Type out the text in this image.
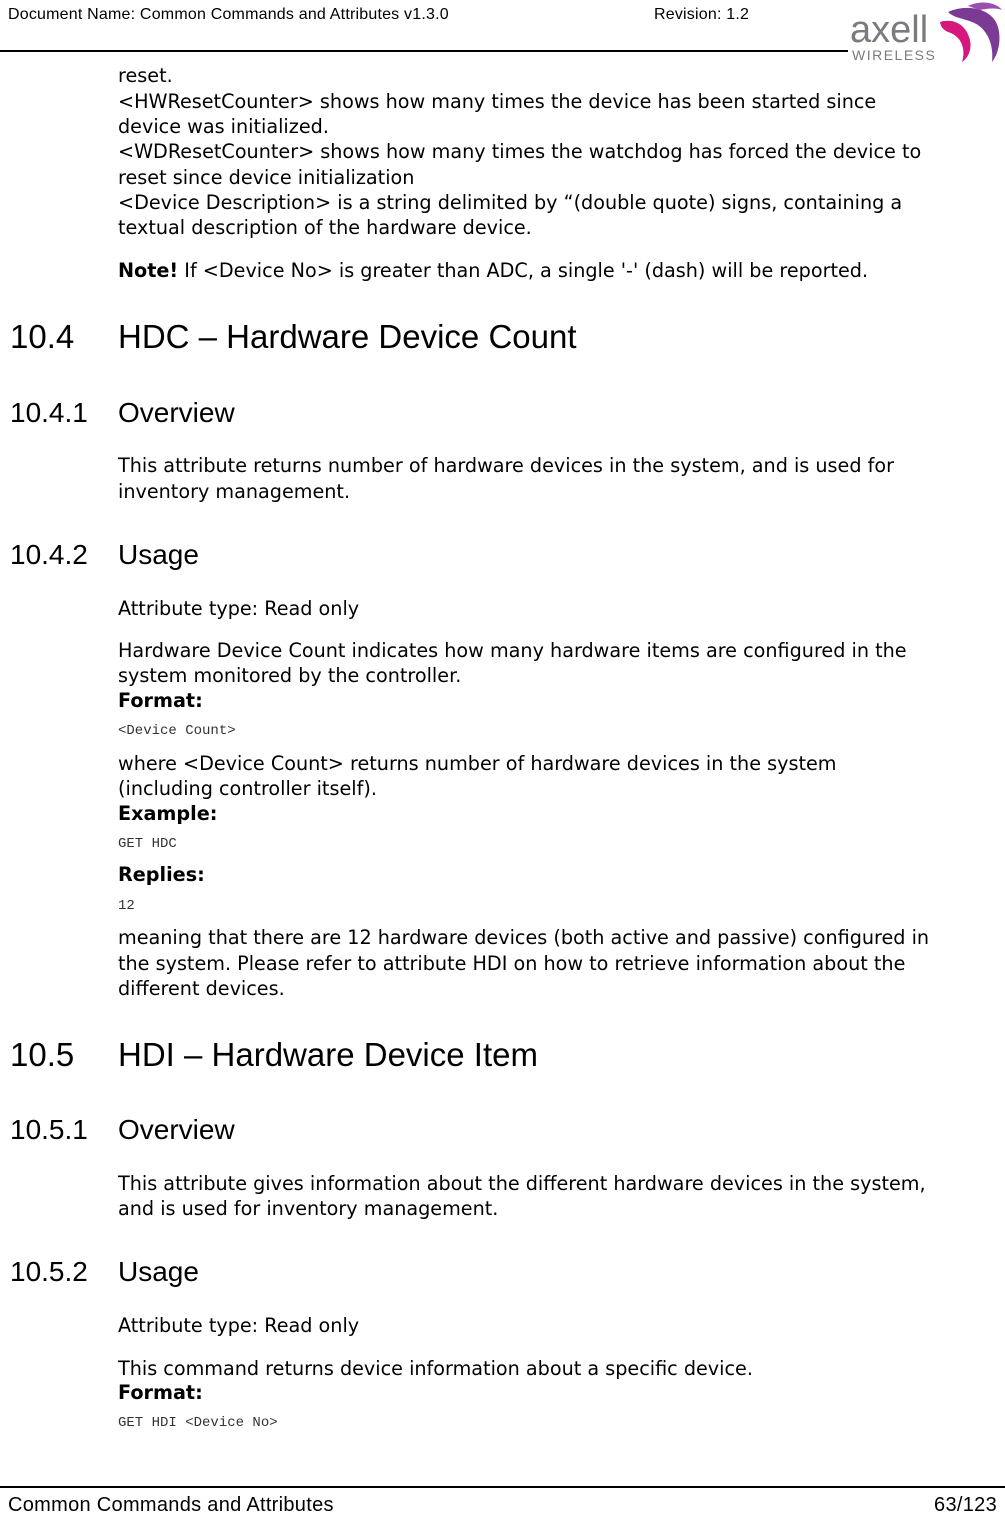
Document Name: Common Commands and Attributes v1.3.0	Revision: 1.2	axell
WIRELESS
reset.
<HWResetCounter> shows how many times the device has been started since
device was initialized.
<WDResetCounter> shows how many times the watchdog has forced the device to
reset since device initialization
<Device Description> is a string delimited by “(double quote) signs, containing a
textual description of the hardware device.
Note! If <Device No> is greater than ADC, a single '-' (dash) will be reported.
10.4 HDC – Hardware Device Count
10.4.1 Overview
This attribute returns number of hardware devices in the system, and is used for
inventory management.
10.4.2 Usage
Attribute type: Read only
Hardware Device Count indicates how many hardware items are configured in the
system monitored by the controller.
Format:
<Device Count>
where <Device Count> returns number of hardware devices in the system
(including controller itself).
Example:
GET HDC
Replies:
12
meaning that there are 12 hardware devices (both active and passive) configured in
the system. Please refer to attribute HDI on how to retrieve information about the
different devices.
10.5 HDI – Hardware Device Item
10.5.1 Overview
This attribute gives information about the different hardware devices in the system,
and is used for inventory management.
10.5.2 Usage
Attribute type: Read only
This command returns device information about a specific device.
Format:
GET HDI <Device No>
Common Commands and Attributes	63/123
